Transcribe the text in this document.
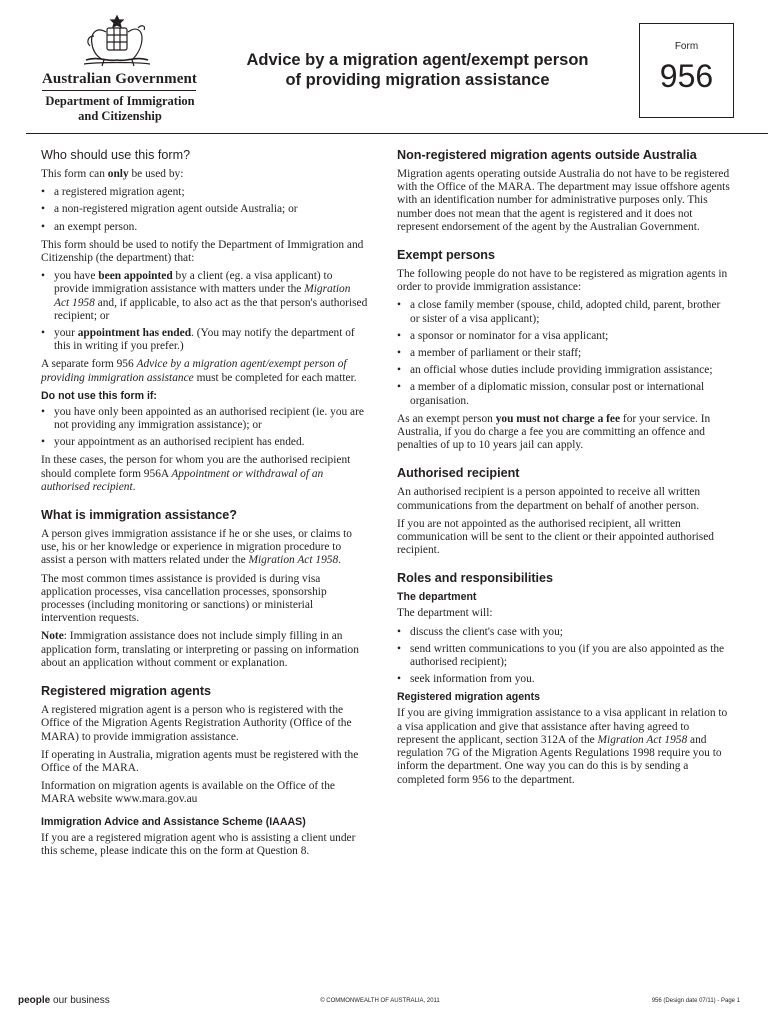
Australian Government
Department of Immigration and Citizenship
Advice by a migration agent/exempt person
of providing migration assistance
Form
956
Who should use this form?

This form can only be used by:

• a registered migration agent;
• a non-registered migration agent outside Australia; or
• an exempt person.

This form should be used to notify the Department of Immigration and Citizenship (the department) that:

• you have been appointed by a client (eg. a visa applicant) to provide immigration assistance with matters under the Migration Act 1958 and, if applicable, to also act as the that person's authorised recipient; or
• your appointment has ended. (You may notify the department of this in writing if you prefer.)

A separate form 956 Advice by a migration agent/exempt person of providing immigration assistance must be completed for each matter.

Do not use this form if:
• you have only been appointed as an authorised recipient (ie. you are not providing any immigration assistance); or
• your appointment as an authorised recipient has ended.

In these cases, the person for whom you are the authorised recipient should complete form 956A Appointment or withdrawal of an authorised recipient.

What is immigration assistance?

A person gives immigration assistance if he or she uses, or claims to use, his or her knowledge or experience in migration procedure to assist a person with matters related under the Migration Act 1958.

The most common times assistance is provided is during visa application processes, visa cancellation processes, sponsorship processes (including monitoring or sanctions) or ministerial intervention requests.

Note: Immigration assistance does not include simply filling in an application form, translating or interpreting or passing on information about an application without comment or explanation.

Registered migration agents

A registered migration agent is a person who is registered with the Office of the Migration Agents Registration Authority (Office of the MARA) to provide immigration assistance.

If operating in Australia, migration agents must be registered with the Office of the MARA.

Information on migration agents is available on the Office of the MARA website www.mara.gov.au

Immigration Advice and Assistance Scheme (IAAAS)

If you are a registered migration agent who is assisting a client under this scheme, please indicate this on the form at Question 8.

Non-registered migration agents outside Australia

Migration agents operating outside Australia do not have to be registered with the Office of the MARA. The department may issue offshore agents with an identification number for administrative purposes only. This number does not mean that the agent is registered and it does not represent endorsement of the agent by the Australian Government.

Exempt persons

The following people do not have to be registered as migration agents in order to provide immigration assistance:

• a close family member (spouse, child, adopted child, parent, brother or sister of a visa applicant);
• a sponsor or nominator for a visa applicant;
• a member of parliament or their staff;
• an official whose duties include providing immigration assistance;
• a member of a diplomatic mission, consular post or international organisation.

As an exempt person you must not charge a fee for your service. In Australia, if you do charge a fee you are committing an offence and penalties of up to 10 years jail can apply.

Authorised recipient

An authorised recipient is a person appointed to receive all written communications from the department on behalf of another person.

If you are not appointed as the authorised recipient, all written communication will be sent to the client or their appointed authorised recipient.

Roles and responsibilities
The department

The department will:

• discuss the client's case with you;
• send written communications to you (if you are also appointed as the authorised recipient);
• seek information from you.
Registered migration agents

If you are giving immigration assistance to a visa applicant in relation to a visa application and give that assistance after having agreed to represent the applicant, section 312A of the Migration Act 1958 and regulation 7G of the Migration Agents Regulations 1998 require you to inform the department. One way you can do this is by sending a completed form 956 to the department.

people our business	© COMMONWEALTH OF AUSTRALIA, 2011	956 (Design date 07/11) - Page 1
